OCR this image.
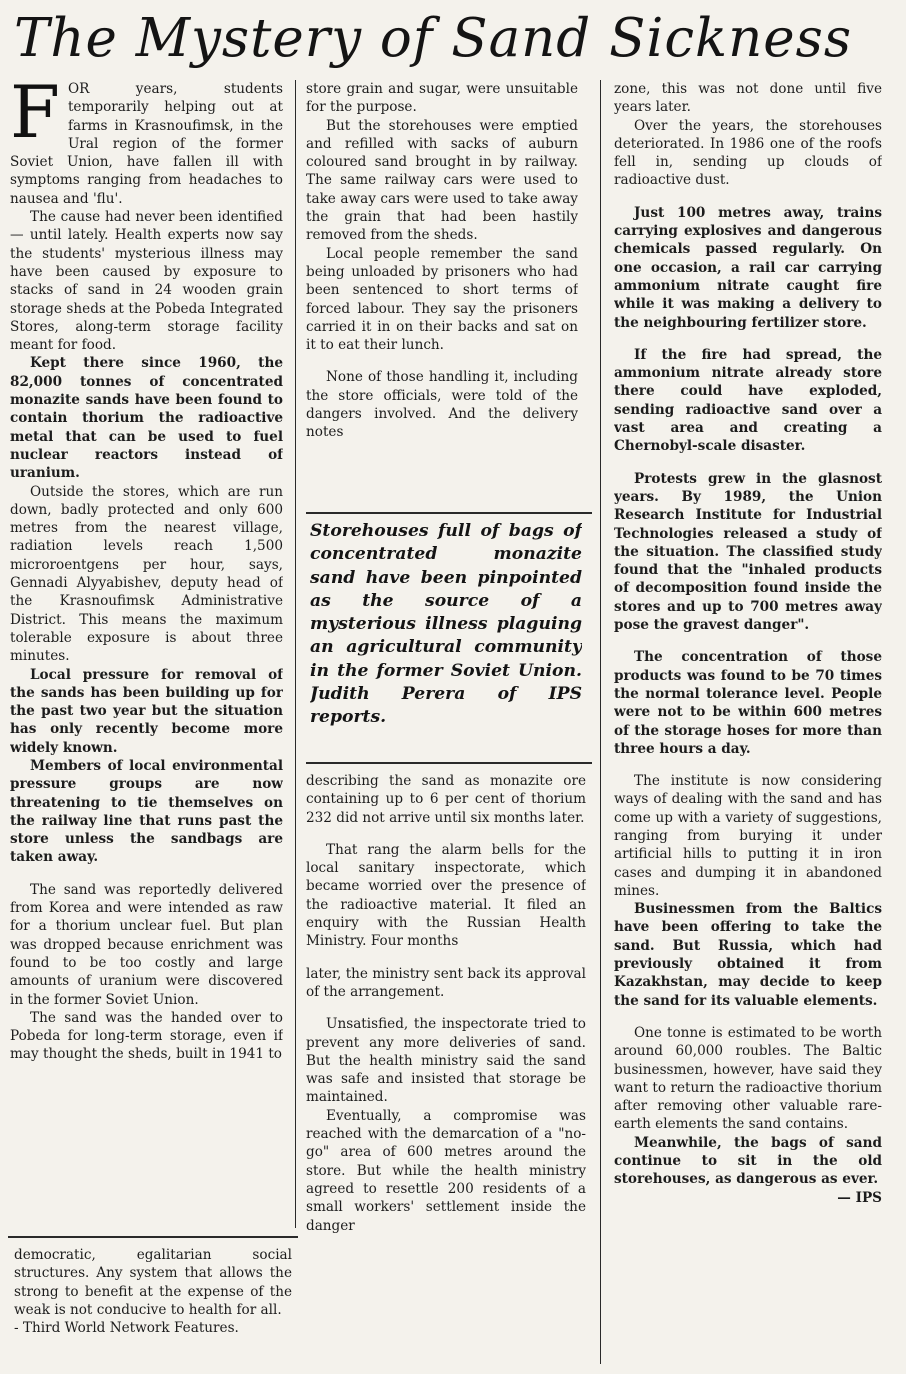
The Mystery of Sand Sickness

FOR years, students temporarily helping out at farms in Krasnoufimsk, in the Ural region of the former Soviet Union, have fallen ill with symptoms ranging from headaches to nausea and 'flu'.

The cause had never been identified — until lately. Health experts now say the students' mysterious illness may have been caused by exposure to stacks of sand in 24 wooden grain storage sheds at the Pobeda Integrated Stores, along-term storage facility meant for food.

Kept there since 1960, the 82,000 tonnes of concentrated monazite sands have been found to contain thorium the radioactive metal that can be used to fuel nuclear reactors instead of uranium.

Outside the stores, which are run down, badly protected and only 600 metres from the nearest village, radiation levels reach 1,500 microroentgens per hour, says, Gennadi Alyyabishev, deputy head of the Krasnoufimsk Administrative District. This means the maximum tolerable exposure is about three minutes.

Local pressure for removal of the sands has been building up for the past two year but the situation has only recently become more widely known.

Members of local environmental pressure groups are now threatening to tie themselves on the railway line that runs past the store unless the sandbags are taken away.

The sand was reportedly delivered from Korea and were intended as raw for a thorium unclear fuel. But plan was dropped because enrichment was found to be too costly and large amounts of uranium were discovered in the former Soviet Union.

The sand was the handed over to Pobeda for long-term storage, even if may thought the sheds, built in 1941 to

store grain and sugar, were unsuitable for the purpose.

But the storehouses were emptied and refilled with sacks of auburn coloured sand brought in by railway. The same railway cars were used to take away cars were used to take away the grain that had been hastily removed from the sheds.

Local people remember the sand being unloaded by prisoners who had been sentenced to short terms of forced labour. They say the prisoners carried it in on their backs and sat on it to eat their lunch.

None of those handling it, including the store officials, were told of the dangers involved. And the delivery notes

Storehouses full of bags of concentrated monazite sand have been pinpointed as the source of a mysterious illness plaguing an agricultural community in the former Soviet Union. Judith Perera of IPS reports.

describing the sand as monazite ore containing up to 6 per cent of thorium 232 did not arrive until six months later.

That rang the alarm bells for the local sanitary inspectorate, which became worried over the presence of the radioactive material. It filed an enquiry with the Russian Health Ministry. Four months

later, the ministry sent back its approval of the arrangement.

Unsatisfied, the inspectorate tried to prevent any more deliveries of sand. But the health ministry said the sand was safe and insisted that storage be maintained.

Eventually, a compromise was reached with the demarcation of a "no-go" area of 600 metres around the store. But while the health ministry agreed to resettle 200 residents of a small workers' settlement inside the danger

zone, this was not done until five years later.

Over the years, the storehouses deteriorated. In 1986 one of the roofs fell in, sending up clouds of radioactive dust.

Just 100 metres away, trains carrying explosives and dangerous chemicals passed regularly. On one occasion, a rail car carrying ammonium nitrate caught fire while it was making a delivery to the neighbouring fertilizer store.

If the fire had spread, the ammonium nitrate already store there could have exploded, sending radioactive sand over a vast area and creating a Chernobyl-scale disaster.

Protests grew in the glasnost years. By 1989, the Union Research Institute for Industrial Technologies released a study of the situation. The classified study found that the "inhaled products of decomposition found inside the stores and up to 700 metres away pose the gravest danger".

The concentration of those products was found to be 70 times the normal tolerance level. People were not to be within 600 metres of the storage hoses for more than three hours a day.

The institute is now considering ways of dealing with the sand and has come up with a variety of suggestions, ranging from burying it under artificial hills to putting it in iron cases and dumping it in abandoned mines.

Businessmen from the Baltics have been offering to take the sand. But Russia, which had previously obtained it from Kazakhstan, may decide to keep the sand for its valuable elements.

One tonne is estimated to be worth around 60,000 roubles. The Baltic businessmen, however, have said they want to return the radioactive thorium after removing other valuable rare-earth elements the sand contains.

Meanwhile, the bags of sand continue to sit in the old storehouses, as dangerous as ever.

— IPS

democratic, egalitarian social structures. Any system that allows the strong to benefit at the expense of the weak is not conducive to health for all.

- Third World Network Features.
